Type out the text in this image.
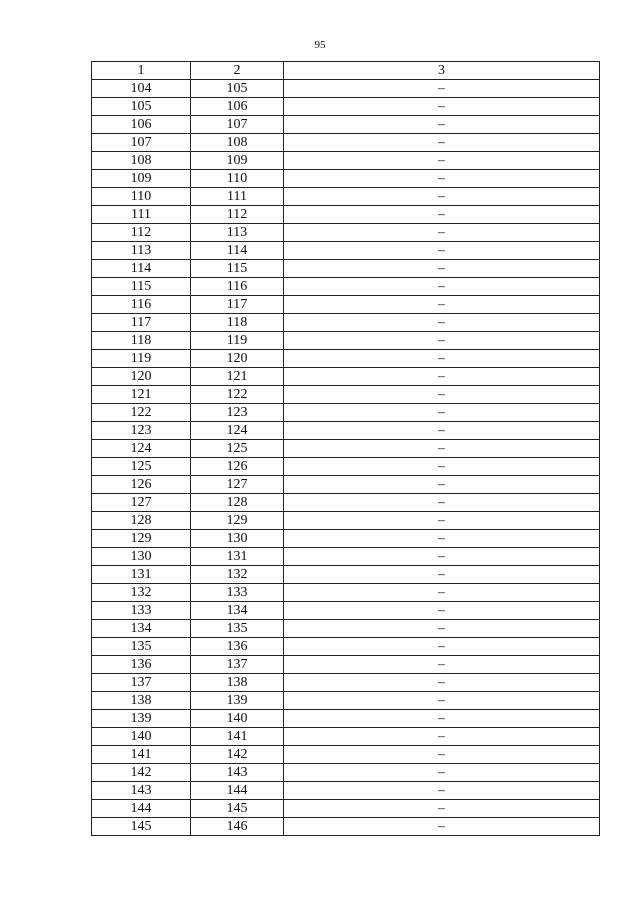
95
1	2	3
104	105	–
105	106	–
106	107	–
107	108	–
108	109	–
109	110	–
110	111	–
111	112	–
112	113	–
113	114	–
114	115	–
115	116	–
116	117	–
117	118	–
118	119	–
119	120	–
120	121	–
121	122	–
122	123	–
123	124	–
124	125	–
125	126	–
126	127	–
127	128	–
128	129	–
129	130	–
130	131	–
131	132	–
132	133	–
133	134	–
134	135	–
135	136	–
136	137	–
137	138	–
138	139	–
139	140	–
140	141	–
141	142	–
142	143	–
143	144	–
144	145	–
145	146	–
